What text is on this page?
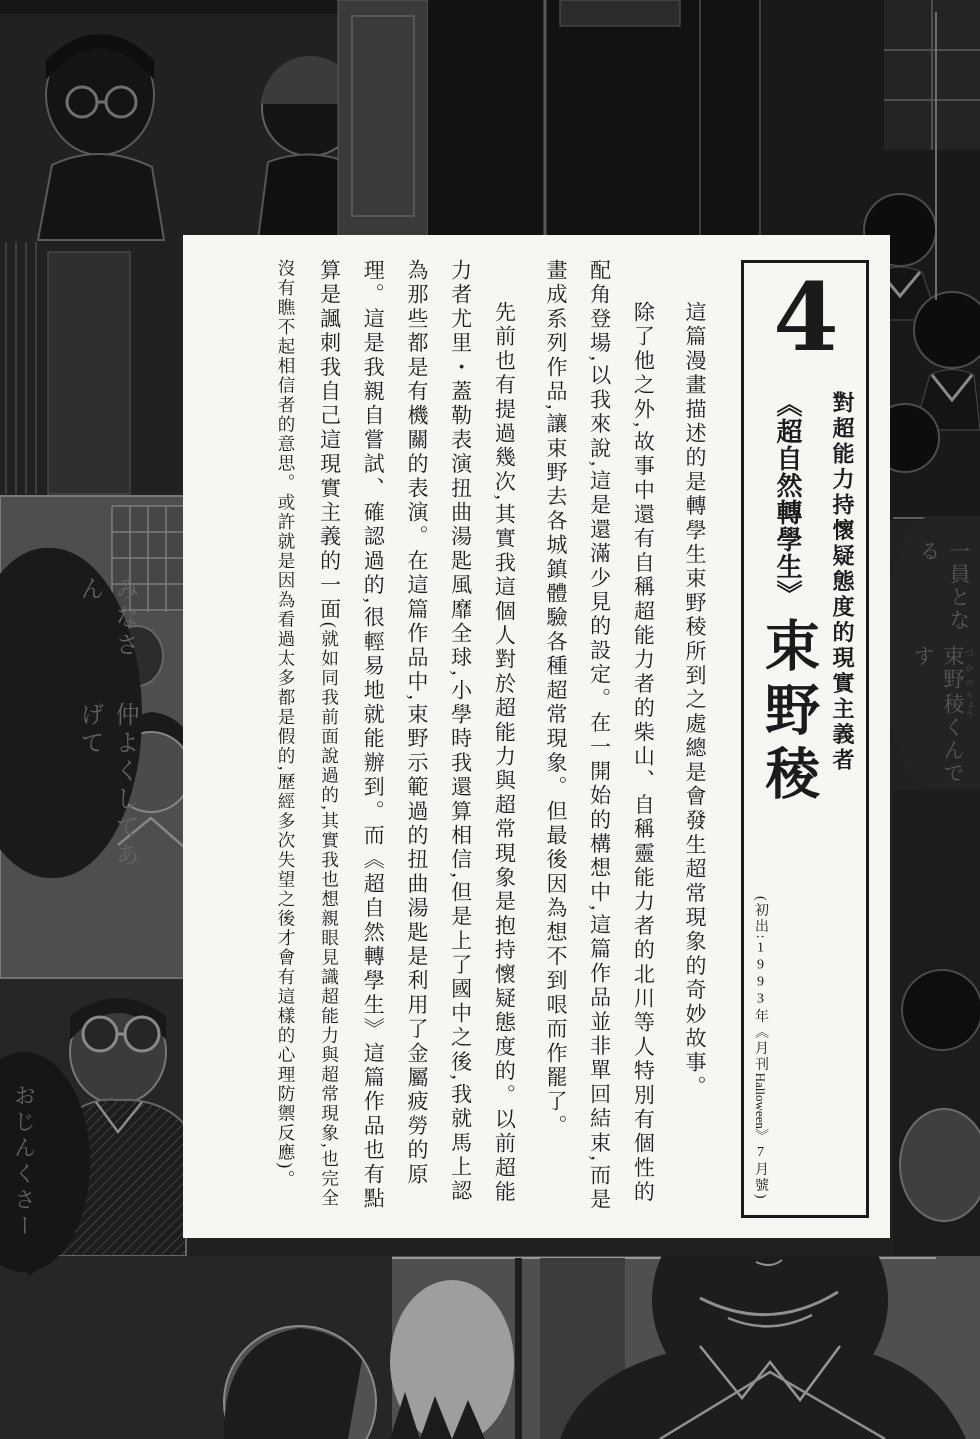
みなさん
仲よくしてあげて
一員となる
束野 つかの稜 りょうくんです
おじんくさー
4
對超能力持懷疑態度的現實主義者
《超自然轉學生》束野稜
(初出:1993年《月刊Halloween》7月號)

這篇漫畫描述的是轉學生束野稜所到之處總是會發生超常現象的奇妙故事。

除了他之外,故事中還有自稱超能力者的柴山、自稱靈能力者的北川等人特別有個性的配角登場,以我來說,這是還滿少見的設定。在一開始的構想中,這篇作品並非單回結束,而是畫成系列作品,讓束野去各城鎮體驗各種超常現象。但最後因為想不到哏而作罷了。

先前也有提過幾次,其實我這個人對於超能力與超常現象是抱持懷疑態度的。以前超能力者尤里・蓋勒表演扭曲湯匙風靡全球,小學時我還算相信,但是上了國中之後,我就馬上認為那些都是有機關的表演。在這篇作品中,束野示範過的扭曲湯匙是利用了金屬疲勞的原理。這是我親自嘗試、確認過的,很輕易地就能辦到。而《超自然轉學生》這篇作品也有點算是諷刺我自己這現實主義的一面(就如同我前面說過的,其實我也想親眼見識超能力與超常現象,也完全沒有瞧不起相信者的意思。或許就是因為看過太多都是假的,歷經多次失望之後才會有這樣的心理防禦反應)。
